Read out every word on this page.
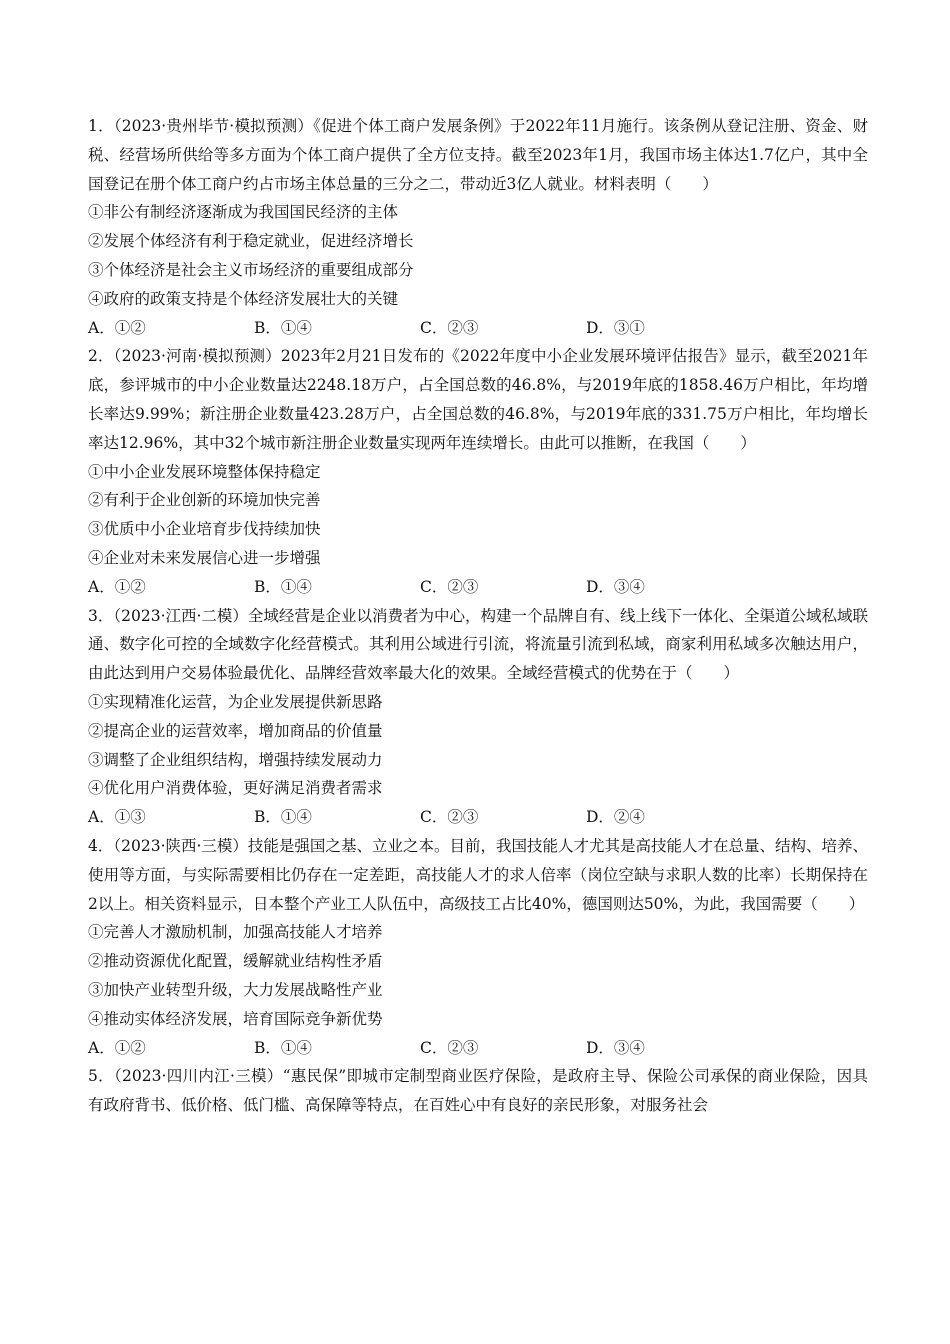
1．（2023·贵州毕节·模拟预测）《促进个体工商户发展条例》于2022年11月施行。该条例从登记注册、资金、财税、经营场所供给等多方面为个体工商户提供了全方位支持。截至2023年1月，我国市场主体达1.7亿户，其中全国登记在册个体工商户约占市场主体总量的三分之二，带动近3亿人就业。材料表明（　　）

①非公有制经济逐渐成为我国国民经济的主体

②发展个体经济有利于稳定就业，促进经济增长

③个体经济是社会主义市场经济的重要组成部分

④政府的政策支持是个体经济发展壮大的关键

A．①②	B．①④	C．②③	D．③①

2．（2023·河南·模拟预测）2023年2月21日发布的《2022年度中小企业发展环境评估报告》显示，截至2021年底，参评城市的中小企业数量达2248.18万户，占全国总数的46.8%，与2019年底的1858.46万户相比，年均增长率达9.99%；新注册企业数量423.28万户，占全国总数的46.8%，与2019年底的331.75万户相比，年均增长率达12.96%，其中32个城市新注册企业数量实现两年连续增长。由此可以推断，在我国（　　）

①中小企业发展环境整体保持稳定

②有利于企业创新的环境加快完善

③优质中小企业培育步伐持续加快

④企业对未来发展信心进一步增强

A．①②	B．①④	C．②③	D．③④

3．（2023·江西·二模）全域经营是企业以消费者为中心，构建一个品牌自有、线上线下一体化、全渠道公域私域联通、数字化可控的全域数字化经营模式。其利用公域进行引流，将流量引流到私域，商家利用私域多次触达用户，由此达到用户交易体验最优化、品牌经营效率最大化的效果。全域经营模式的优势在于（　　）

①实现精准化运营，为企业发展提供新思路

②提高企业的运营效率，增加商品的价值量

③调整了企业组织结构，增强持续发展动力

④优化用户消费体验，更好满足消费者需求

A．①③	B．①④	C．②③	D．②④

4．（2023·陕西·三模）技能是强国之基、立业之本。目前，我国技能人才尤其是高技能人才在总量、结构、培养、使用等方面，与实际需要相比仍存在一定差距，高技能人才的求人倍率（岗位空缺与求职人数的比率）长期保持在2以上。相关资料显示，日本整个产业工人队伍中，高级技工占比40%，德国则达50%，为此，我国需要（　　）

①完善人才激励机制，加强高技能人才培养

②推动资源优化配置，缓解就业结构性矛盾

③加快产业转型升级，大力发展战略性产业

④推动实体经济发展，培育国际竞争新优势

A．①②	B．①④	C．②③	D．③④

5．（2023·四川内江·三模）“惠民保”即城市定制型商业医疗保险，是政府主导、保险公司承保的商业保险，因具有政府背书、低价格、低门槛、高保障等特点，在百姓心中有良好的亲民形象，对服务社会
